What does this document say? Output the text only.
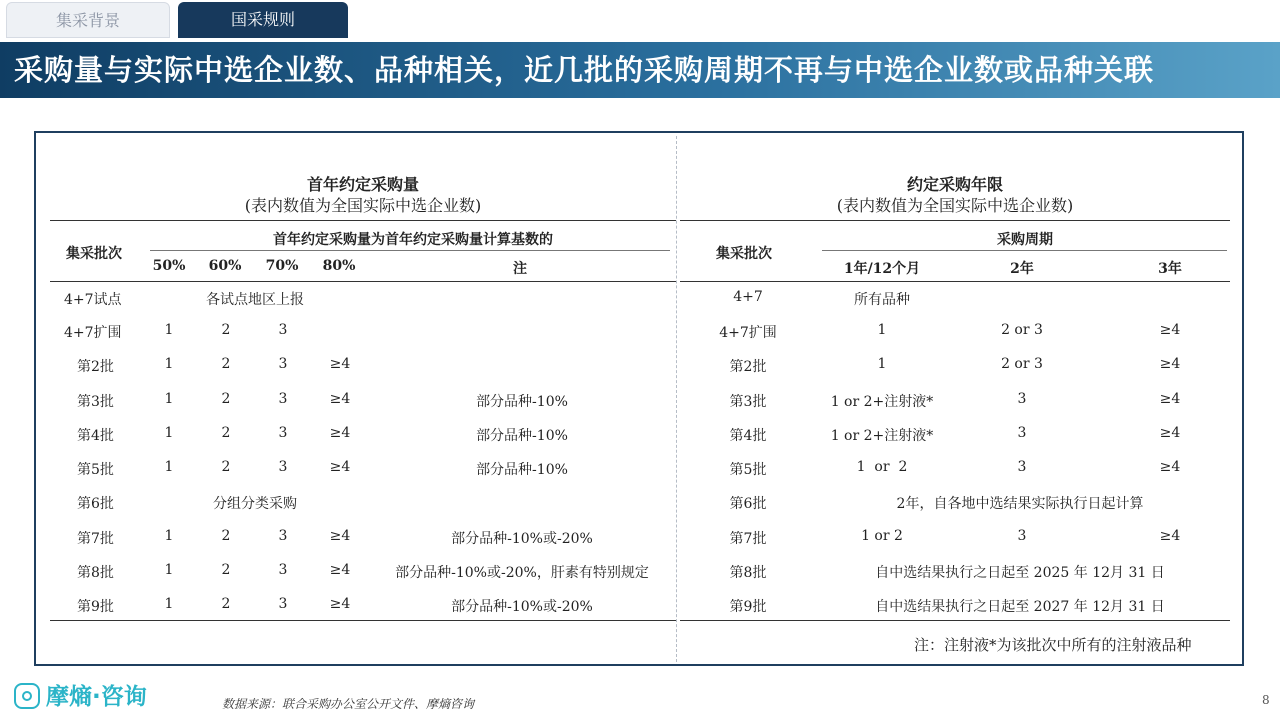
集采背景	国采规则
采购量与实际中选企业数、品种相关，近几批的采购周期不再与中选企业数或品种关联
首年约定采购量
(表内数值为全国实际中选企业数)
集采批次
首年约定采购量为首年约定采购量计算基数的
50%	60%	70%	80%	注
4+7试点	各试点地区上报
4+7扩围	1	2	3
第2批	1	2	3	≥4
第3批	1	2	3	≥4	部分品种-10%
第4批	1	2	3	≥4	部分品种-10%
第5批	1	2	3	≥4	部分品种-10%
第6批	分组分类采购
第7批	1	2	3	≥4	部分品种-10%或-20%
第8批	1	2	3	≥4	部分品种-10%或-20%，肝素有特别规定
第9批	1	2	3	≥4	部分品种-10%或-20%
约定采购年限
(表内数值为全国实际中选企业数)
集采批次
采购周期
1年/12个月	2年	3年
4+7	所有品种
4+7扩围	1	2 or 3	≥4
第2批	1	2 or 3	≥4
第3批	1 or 2+注射液*	3	≥4
第4批	1 or 2+注射液*	3	≥4
第5批	1  or  2	3	≥4
第6批	2年，自各地中选结果实际执行日起计算
第7批	1 or 2	3	≥4
第8批	自中选结果执行之日起至 2025 年 12月 31 日
第9批	自中选结果执行之日起至 2027 年 12月 31 日
注：注射液*为该批次中所有的注射液品种
摩熵·咨询	数据来源：联合采购办公室公开文件、摩熵咨询	8
